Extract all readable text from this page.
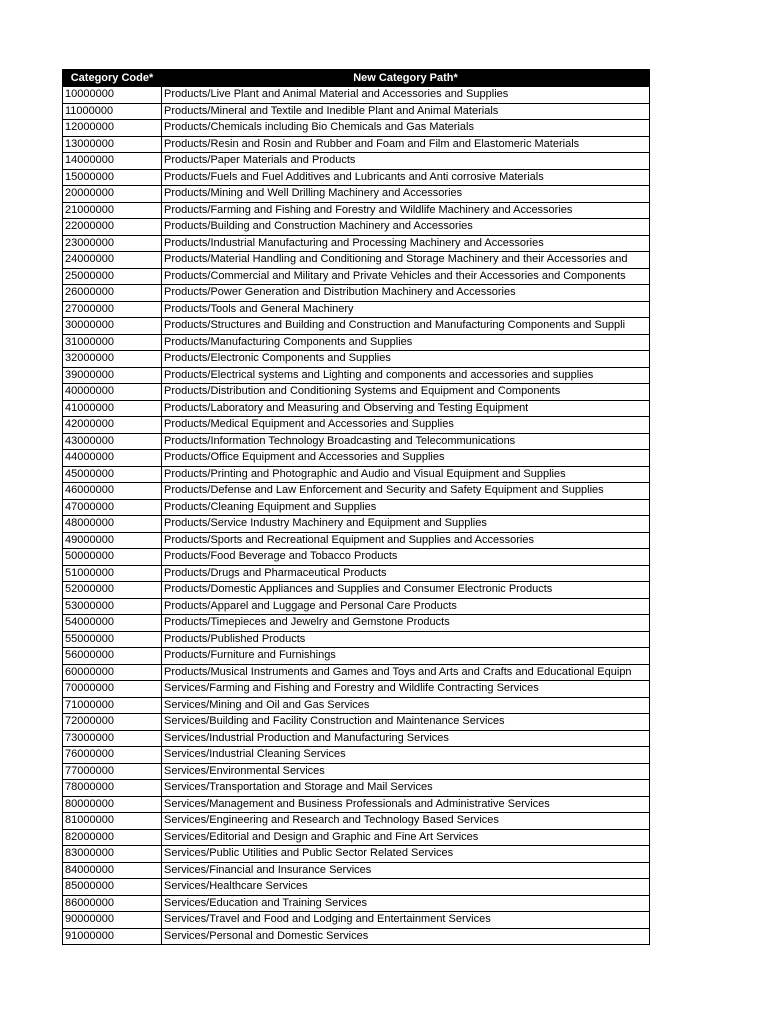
Category Code*	New Category Path*
10000000	Products/Live Plant and Animal Material and Accessories and Supplies
11000000	Products/Mineral and Textile and Inedible Plant and Animal Materials
12000000	Products/Chemicals including Bio Chemicals and Gas Materials
13000000	Products/Resin and Rosin and Rubber and Foam and Film and Elastomeric Materials
14000000	Products/Paper Materials and Products
15000000	Products/Fuels and Fuel Additives and Lubricants and Anti corrosive Materials
20000000	Products/Mining and Well Drilling Machinery and Accessories
21000000	Products/Farming and Fishing and Forestry and Wildlife Machinery and Accessories
22000000	Products/Building and Construction Machinery and Accessories
23000000	Products/Industrial Manufacturing and Processing Machinery and Accessories
24000000	Products/Material Handling and Conditioning and Storage Machinery and their Accessories and
25000000	Products/Commercial and Military and Private Vehicles and their Accessories and Components
26000000	Products/Power Generation and Distribution Machinery and Accessories
27000000	Products/Tools and General Machinery
30000000	Products/Structures and Building and Construction and Manufacturing Components and Suppli
31000000	Products/Manufacturing Components and Supplies
32000000	Products/Electronic Components and Supplies
39000000	Products/Electrical systems and Lighting and components and accessories and supplies
40000000	Products/Distribution and Conditioning Systems and Equipment and Components
41000000	Products/Laboratory and Measuring and Observing and Testing Equipment
42000000	Products/Medical Equipment and Accessories and Supplies
43000000	Products/Information Technology Broadcasting and Telecommunications
44000000	Products/Office Equipment and Accessories and Supplies
45000000	Products/Printing and Photographic and Audio and Visual Equipment and Supplies
46000000	Products/Defense and Law Enforcement and Security and Safety Equipment and Supplies
47000000	Products/Cleaning Equipment and Supplies
48000000	Products/Service Industry Machinery and Equipment and Supplies
49000000	Products/Sports and Recreational Equipment and Supplies and Accessories
50000000	Products/Food Beverage and Tobacco Products
51000000	Products/Drugs and Pharmaceutical Products
52000000	Products/Domestic Appliances and Supplies and Consumer Electronic Products
53000000	Products/Apparel and Luggage and Personal Care Products
54000000	Products/Timepieces and Jewelry and Gemstone Products
55000000	Products/Published Products
56000000	Products/Furniture and Furnishings
60000000	Products/Musical Instruments and Games and Toys and Arts and Crafts and Educational Equipn
70000000	Services/Farming and Fishing and Forestry and Wildlife Contracting Services
71000000	Services/Mining and Oil and Gas Services
72000000	Services/Building and Facility Construction and Maintenance Services
73000000	Services/Industrial Production and Manufacturing Services
76000000	Services/Industrial Cleaning Services
77000000	Services/Environmental Services
78000000	Services/Transportation and Storage and Mail Services
80000000	Services/Management and Business Professionals and Administrative Services
81000000	Services/Engineering and Research and Technology Based Services
82000000	Services/Editorial and Design and Graphic and Fine Art Services
83000000	Services/Public Utilities and Public Sector Related Services
84000000	Services/Financial and Insurance Services
85000000	Services/Healthcare Services
86000000	Services/Education and Training Services
90000000	Services/Travel and Food and Lodging and Entertainment Services
91000000	Services/Personal and Domestic Services
